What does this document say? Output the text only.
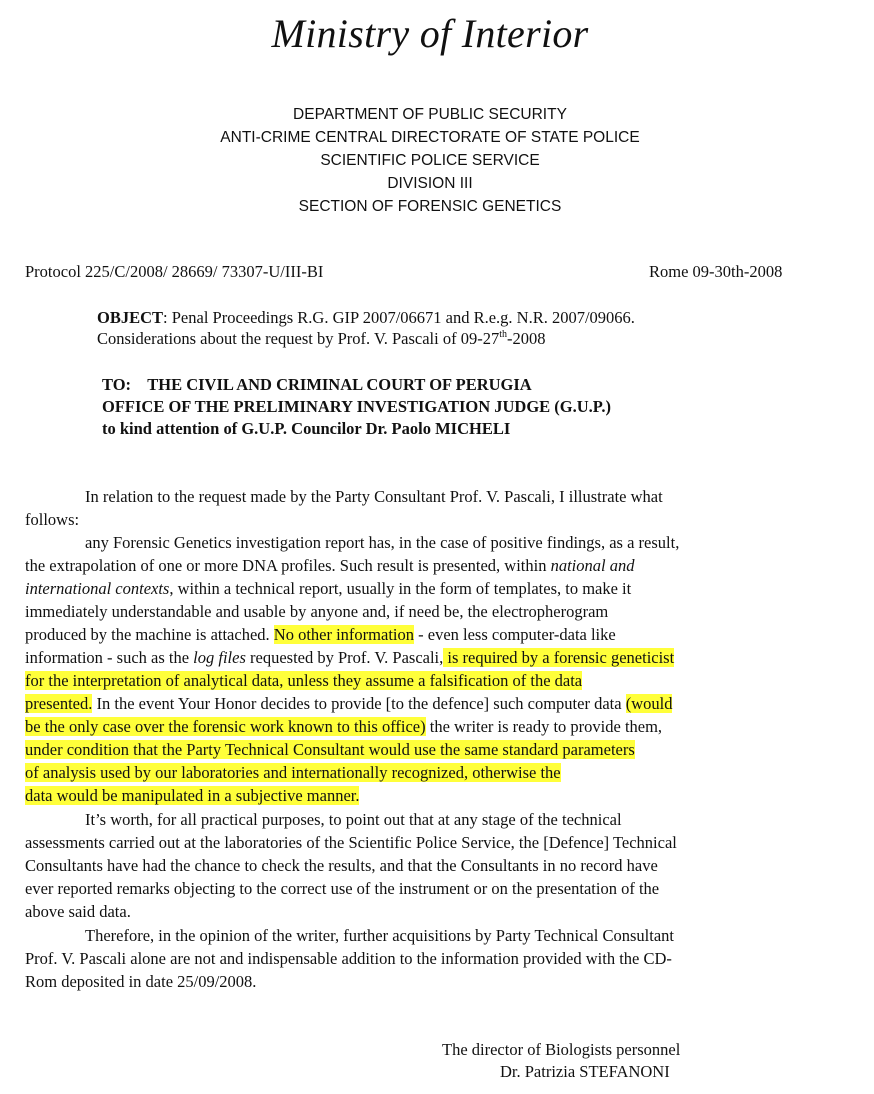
Ministry of Interior
DEPARTMENT OF PUBLIC SECURITY
ANTI-CRIME CENTRAL DIRECTORATE OF STATE POLICE
SCIENTIFIC POLICE SERVICE
DIVISION III
SECTION OF FORENSIC GENETICS
Protocol 225/C/2008/ 28669/ 73307-U/III-BI	Rome 09-30th-2008
OBJECT: Penal Proceedings R.G. GIP 2007/06671 and R.e.g. N.R. 2007/09066.
Considerations about the request by Prof. V. Pascali of 09-27th-2008
TO:    THE CIVIL AND CRIMINAL COURT OF PERUGIA
OFFICE OF THE PRELIMINARY INVESTIGATION JUDGE (G.U.P.)
to kind attention of G.U.P. Councilor Dr. Paolo MICHELI
In relation to the request made by the Party Consultant Prof. V. Pascali, I illustrate what
follows:
any Forensic Genetics investigation report has, in the case of positive findings, as a result,
the extrapolation of one or more DNA profiles. Such result is presented, within national and
international contexts, within a technical report, usually in the form of templates, to make it
immediately understandable and usable by anyone and, if need be, the electropherogram
produced by the machine is attached. No other information - even less computer-data like
information - such as the log files requested by Prof. V. Pascali, is required by a forensic geneticist
for the interpretation of analytical data, unless they assume a falsification of the data
presented. In the event Your Honor decides to provide [to the defence] such computer data (would
be the only case over the forensic work known to this office) the writer is ready to provide them,
under condition that the Party Technical Consultant would use the same standard parameters
of analysis used by our laboratories and internationally recognized, otherwise the
data would be manipulated in a subjective manner.
It’s worth, for all practical purposes, to point out that at any stage of the technical
assessments carried out at the laboratories of the Scientific Police Service, the [Defence] Technical
Consultants have had the chance to check the results, and that the Consultants in no record have
ever reported remarks objecting to the correct use of the instrument or on the presentation of the
above said data.
Therefore, in the opinion of the writer, further acquisitions by Party Technical Consultant
Prof. V. Pascali alone are not and indispensable addition to the information provided with the CD-
Rom deposited in date 25/09/2008.
The director of Biologists personnel
Dr. Patrizia STEFANONI
